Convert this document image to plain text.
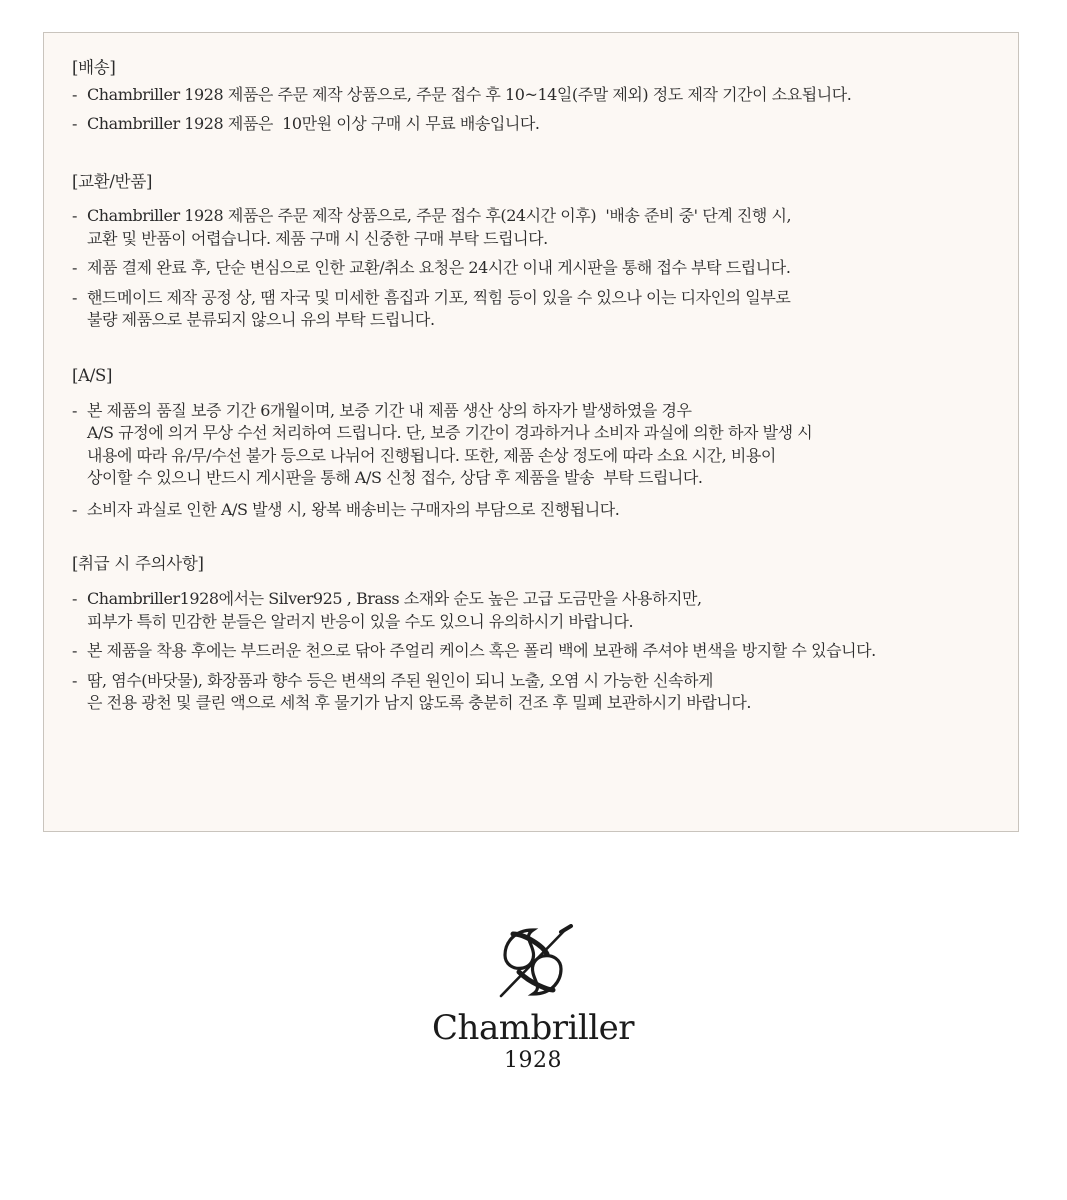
[배송]

- Chambriller 1928 제품은 주문 제작 상품으로, 주문 접수 후 10~14일(주말 제외) 정도 제작 기간이 소요됩니다.
- Chambriller 1928 제품은  10만원 이상 구매 시 무료 배송입니다.

[교환/반품]

- Chambriller 1928 제품은 주문 제작 상품으로, 주문 접수 후(24시간 이후)  '배송 준비 중' 단계 진행 시,
교환 및 반품이 어렵습니다. 제품 구매 시 신중한 구매 부탁 드립니다.
- 제품 결제 완료 후, 단순 변심으로 인한 교환/취소 요청은 24시간 이내 게시판을 통해 접수 부탁 드립니다.
- 핸드메이드 제작 공정 상, 땜 자국 및 미세한 흠집과 기포, 찍힘 등이 있을 수 있으나 이는 디자인의 일부로
불량 제품으로 분류되지 않으니 유의 부탁 드립니다.

[A/S]

- 본 제품의 품질 보증 기간 6개월이며, 보증 기간 내 제품 생산 상의 하자가 발생하였을 경우
A/S 규정에 의거 무상 수선 처리하여 드립니다. 단, 보증 기간이 경과하거나 소비자 과실에 의한 하자 발생 시
내용에 따라 유/무/수선 불가 등으로 나뉘어 진행됩니다. 또한, 제품 손상 정도에 따라 소요 시간, 비용이
상이할 수 있으니 반드시 게시판을 통해 A/S 신청 접수, 상담 후 제품을 발송  부탁 드립니다.
- 소비자 과실로 인한 A/S 발생 시, 왕복 배송비는 구매자의 부담으로 진행됩니다.

[취급 시 주의사항]

- Chambriller1928에서는 Silver925 , Brass 소재와 순도 높은 고급 도금만을 사용하지만,
피부가 특히 민감한 분들은 알러지 반응이 있을 수도 있으니 유의하시기 바랍니다.
- 본 제품을 착용 후에는 부드러운 천으로 닦아 주얼리 케이스 혹은 폴리 백에 보관해 주셔야 변색을 방지할 수 있습니다.
- 땀, 염수(바닷물), 화장품과 향수 등은 변색의 주된 원인이 되니 노출, 오염 시 가능한 신속하게
은 전용 광천 및 클린 액으로 세척 후 물기가 남지 않도록 충분히 건조 후 밀폐 보관하시기 바랍니다.
Chambriller
1928
